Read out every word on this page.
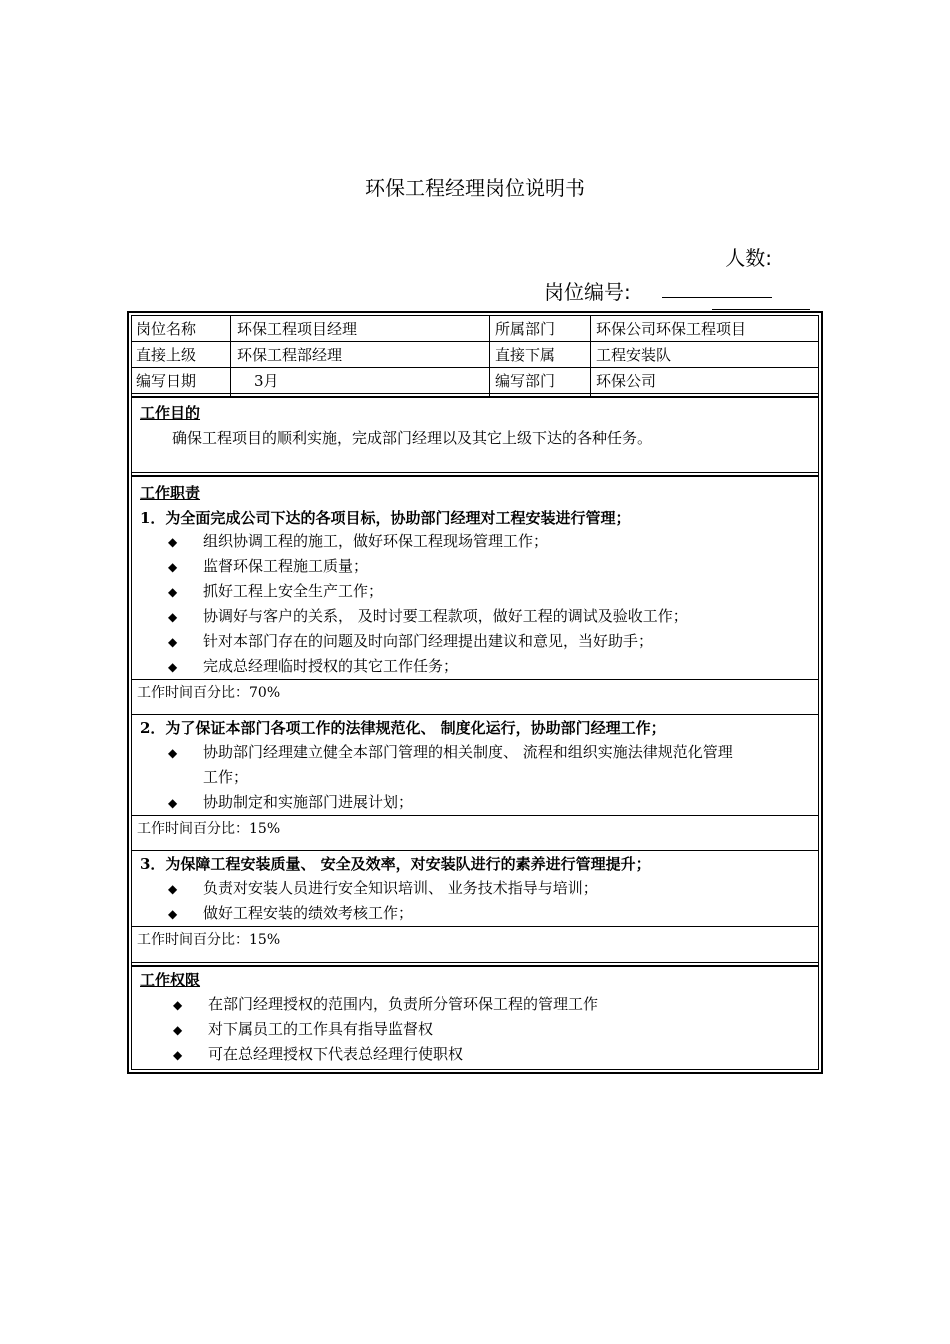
环保工程经理岗位说明书
人数:
岗位编号:
岗位名称	环保工程项目经理	所属部门	环保公司环保工程项目
直接上级	环保工程部经理	直接下属	工程安装队
编写日期	3月	编写部门	环保公司
工作目的
确保工程项目的顺利实施，完成部门经理以及其它上级下达的各种任务。
工作职责
1．为全面完成公司下达的各项目标，协助部门经理对工程安装进行管理；
◆ 组织协调工程的施工，做好环保工程现场管理工作；
◆ 监督环保工程施工质量；
◆ 抓好工程上安全生产工作；
◆ 协调好与客户的关系， 及时讨要工程款项，做好工程的调试及验收工作；
◆ 针对本部门存在的问题及时向部门经理提出建议和意见，当好助手；
◆ 完成总经理临时授权的其它工作任务；
工作时间百分比：70%
2．为了保证本部门各项工作的法律规范化、 制度化运行，协助部门经理工作；
◆ 协助部门经理建立健全本部门管理的相关制度、 流程和组织实施法律规范化管理
工作；
◆ 协助制定和实施部门进展计划；
工作时间百分比：15%
3．为保障工程安装质量、 安全及效率，对安装队进行的素养进行管理提升；
◆ 负责对安装人员进行安全知识培训、 业务技术指导与培训；
◆ 做好工程安装的绩效考核工作；
工作时间百分比：15%
工作权限
◆ 在部门经理授权的范围内，负责所分管环保工程的管理工作
◆ 对下属员工的工作具有指导监督权
◆ 可在总经理授权下代表总经理行使职权
